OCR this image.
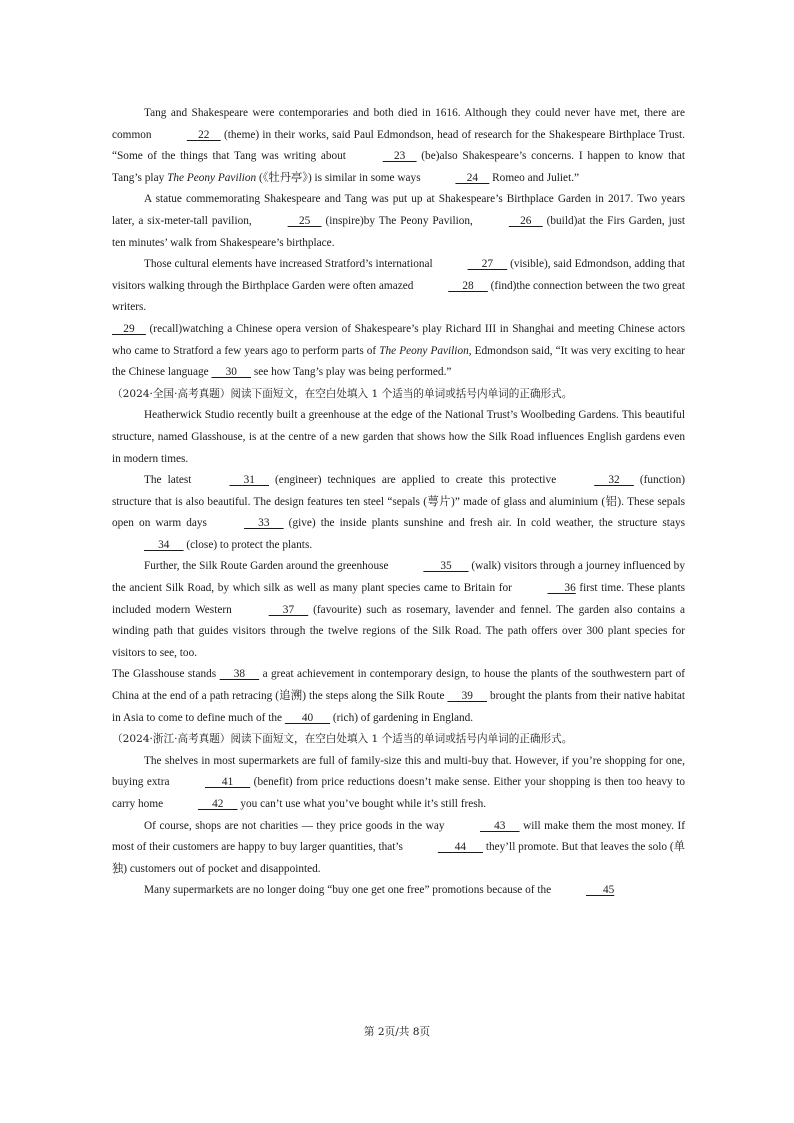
Tang and Shakespeare were contemporaries and both died in 1616. Although they could never have met, there are common	22     (theme) in their works, said Paul Edmondson, head of research for the Shakespeare Birthplace Trust. “Some of the things that Tang was writing about	23     (be)also Shakespeare’s concerns. I happen to know that Tang’s play The Peony Pavilion (《牡丹亭》) is similar in some ways	24     Romeo and Juliet.”

A statue commemorating Shakespeare and Tang was put up at Shakespeare’s Birthplace Garden in 2017. Two years later, a six-meter-tall pavilion,	25     (inspire)by The Peony Pavilion,	26     (build)at the Firs Garden, just ten minutes’ walk from Shakespeare’s birthplace.

Those cultural elements have increased Stratford’s international	27      (visible), said Edmondson, adding that visitors walking through the Birthplace Garden were often amazed	28      (find)the connection between the two great writers.

29     (recall)watching a Chinese opera version of Shakespeare’s play Richard III in Shanghai and meeting Chinese actors who came to Stratford a few years ago to perform parts of The Peony Pavilion, Edmondson said, “It was very exciting to hear the Chinese language      30      see how Tang’s play was being performed.”

（2024·全国·高考真题）阅读下面短文，在空白处填入 1 个适当的单词或括号内单词的正确形式。

Heatherwick Studio recently built a greenhouse at the edge of the National Trust’s Woolbeding Gardens. This beautiful structure, named Glasshouse, is at the centre of a new garden that shows how the Silk Road influences English gardens even in modern times.

The latest	31      (engineer) techniques are applied to create this protective	32      (function) structure that is also beautiful. The design features ten steel “sepals (萼片)” made of glass and aluminium (铝). These sepals open on warm days	33      (give) the inside plants sunshine and fresh air. In cold weather, the structure stays      34      (close) to protect the plants.

Further, the Silk Route Garden around the greenhouse	35       (walk) visitors through a journey influenced by the ancient Silk Road, by which silk as well as many plant species came to Britain for	36 first time. These plants included modern Western	37      (favourite) such as rosemary, lavender and fennel. The garden also contains a winding path that guides visitors through the twelve regions of the Silk Road. The path offers over 300 plant species for visitors to see, too.

The Glasshouse stands      38      a great achievement in contemporary design, to house the plants of the southwestern part of China at the end of a path retracing (追溯) the steps along the Silk Route      39      brought the plants from their native habitat in Asia to come to define much of the       40       (rich) of gardening in England.

（2024·浙江·高考真题）阅读下面短文，在空白处填入 1 个适当的单词或括号内单词的正确形式。

The shelves in most supermarkets are full of family-size this and multi-buy that. However, if you’re shopping for one, buying extra	41       (benefit) from price reductions doesn’t make sense. Either your shopping is then too heavy to carry home	42      you can’t use what you’ve bought while it’s still fresh.

Of course, shops are not charities — they price goods in the way	43      will make them the most money. If most of their customers are happy to buy larger quantities, that’s	44       they’ll promote. But that leaves the solo (单独) customers out of pocket and disappointed.

Many supermarkets are no longer doing “buy one get one free” promotions because of the	45

第 2页/共 8页
